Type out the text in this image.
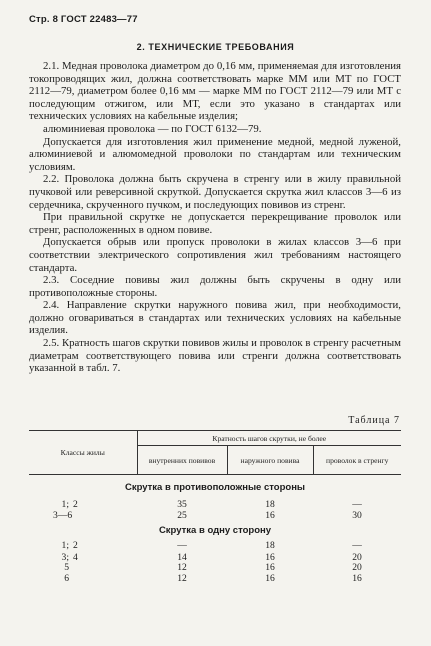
Стр. 8 ГОСТ 22483—77
2. ТЕХНИЧЕСКИЕ ТРЕБОВАНИЯ

2.1. Медная проволока диаметром до 0,16 мм, применяемая для изготовления токопроводящих жил, должна соответствовать марке ММ или МТ по ГОСТ 2112—79, диаметром более 0,16 мм — марке ММ по ГОСТ 2112—79 или МТ с последующим отжигом, или МТ, если это указано в стандартах или технических условиях на кабельные изделия;

алюминиевая проволока — по ГОСТ 6132—79.

Допускается для изготовления жил применение медной, медной луженой, алюминиевой и алюмомедной проволоки по стандартам или техническим условиям.

2.2. Проволока должна быть скручена в стренгу или в жилу правильной пучковой или реверсивной скруткой. Допускается скрутка жил классов 3—6 из сердечника, скрученного пучком, и последующих повивов из стренг.

При правильной скрутке не допускается перекрещивание проволок или стренг, расположенных в одном повиве.

Допускается обрыв или пропуск проволоки в жилах классов 3—6 при соответствии электрического сопротивления жил требованиям настоящего стандарта.

2.3. Соседние повивы жил должны быть скручены в одну или противоположные стороны.

2.4. Направление скрутки наружного повива жил, при необходимости, должно оговариваться в стандартах или технических условиях на кабельные изделия.

2.5. Кратность шагов скрутки повивов жилы и проволок в стренгу расчетным диаметрам соответствующего повива или стренги должна соответствовать указанной в табл. 7.

Таблица 7
Классы жилы	Кратность шагов скрутки, не более		
	внутренних повивов	наружного повива	проволок в стренгу
Скрутка в противоположные стороны			
1; 2	35	18	—
3—6	25	16	30
Скрутка в одну сторону			
1; 2	—	18	—
3; 4	14	16	20
5	12	16	20
6	12	16	16
